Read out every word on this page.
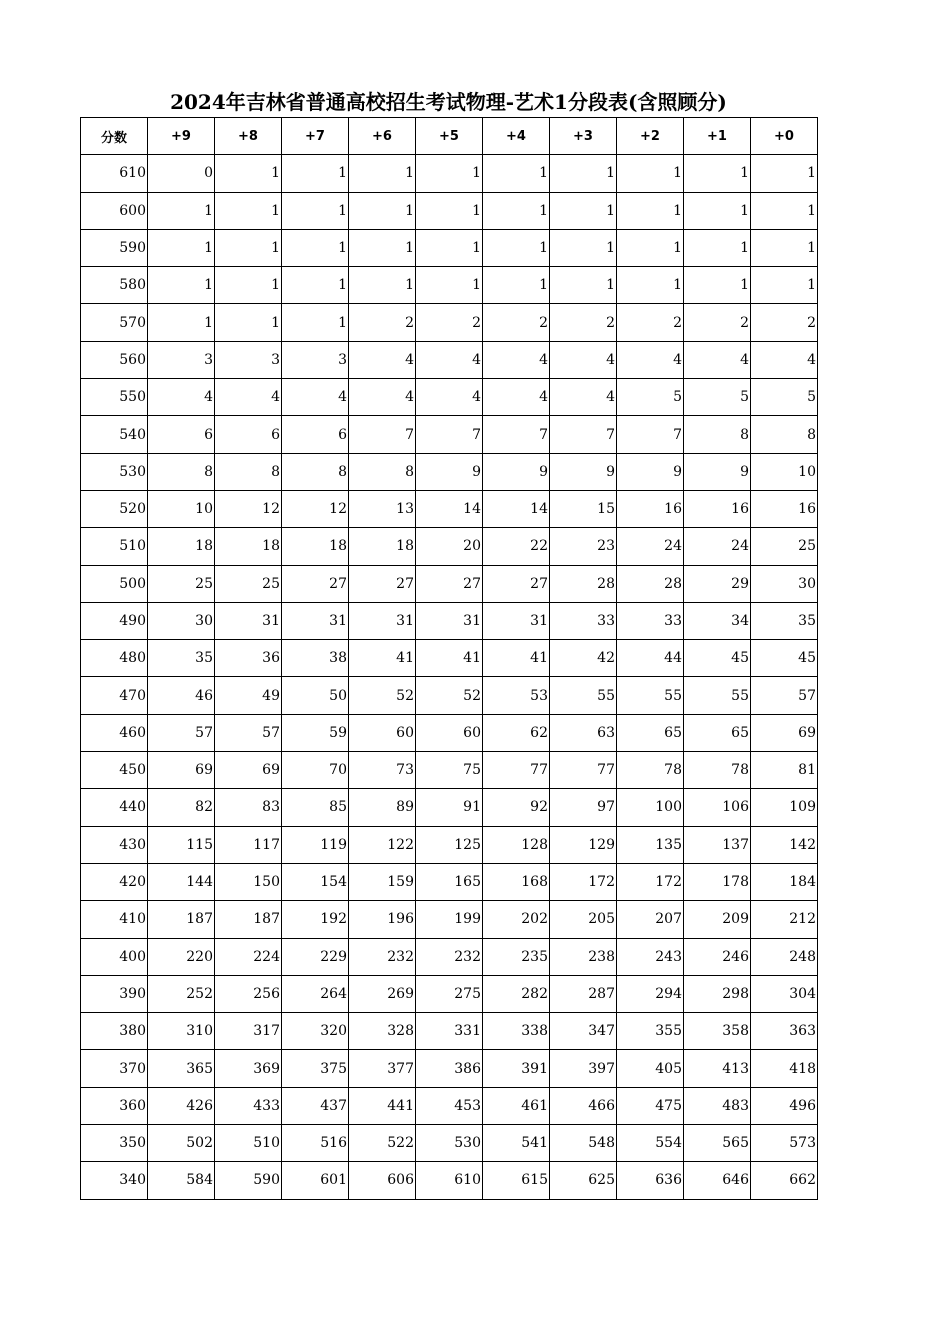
2024年吉林省普通高校招生考试物理-艺术1分段表(含照顾分)
分数	+9	+8	+7	+6	+5	+4	+3	+2	+1	+0
610	0	1	1	1	1	1	1	1	1	1
600	1	1	1	1	1	1	1	1	1	1
590	1	1	1	1	1	1	1	1	1	1
580	1	1	1	1	1	1	1	1	1	1
570	1	1	1	2	2	2	2	2	2	2
560	3	3	3	4	4	4	4	4	4	4
550	4	4	4	4	4	4	4	5	5	5
540	6	6	6	7	7	7	7	7	8	8
530	8	8	8	8	9	9	9	9	9	10
520	10	12	12	13	14	14	15	16	16	16
510	18	18	18	18	20	22	23	24	24	25
500	25	25	27	27	27	27	28	28	29	30
490	30	31	31	31	31	31	33	33	34	35
480	35	36	38	41	41	41	42	44	45	45
470	46	49	50	52	52	53	55	55	55	57
460	57	57	59	60	60	62	63	65	65	69
450	69	69	70	73	75	77	77	78	78	81
440	82	83	85	89	91	92	97	100	106	109
430	115	117	119	122	125	128	129	135	137	142
420	144	150	154	159	165	168	172	172	178	184
410	187	187	192	196	199	202	205	207	209	212
400	220	224	229	232	232	235	238	243	246	248
390	252	256	264	269	275	282	287	294	298	304
380	310	317	320	328	331	338	347	355	358	363
370	365	369	375	377	386	391	397	405	413	418
360	426	433	437	441	453	461	466	475	483	496
350	502	510	516	522	530	541	548	554	565	573
340	584	590	601	606	610	615	625	636	646	662
